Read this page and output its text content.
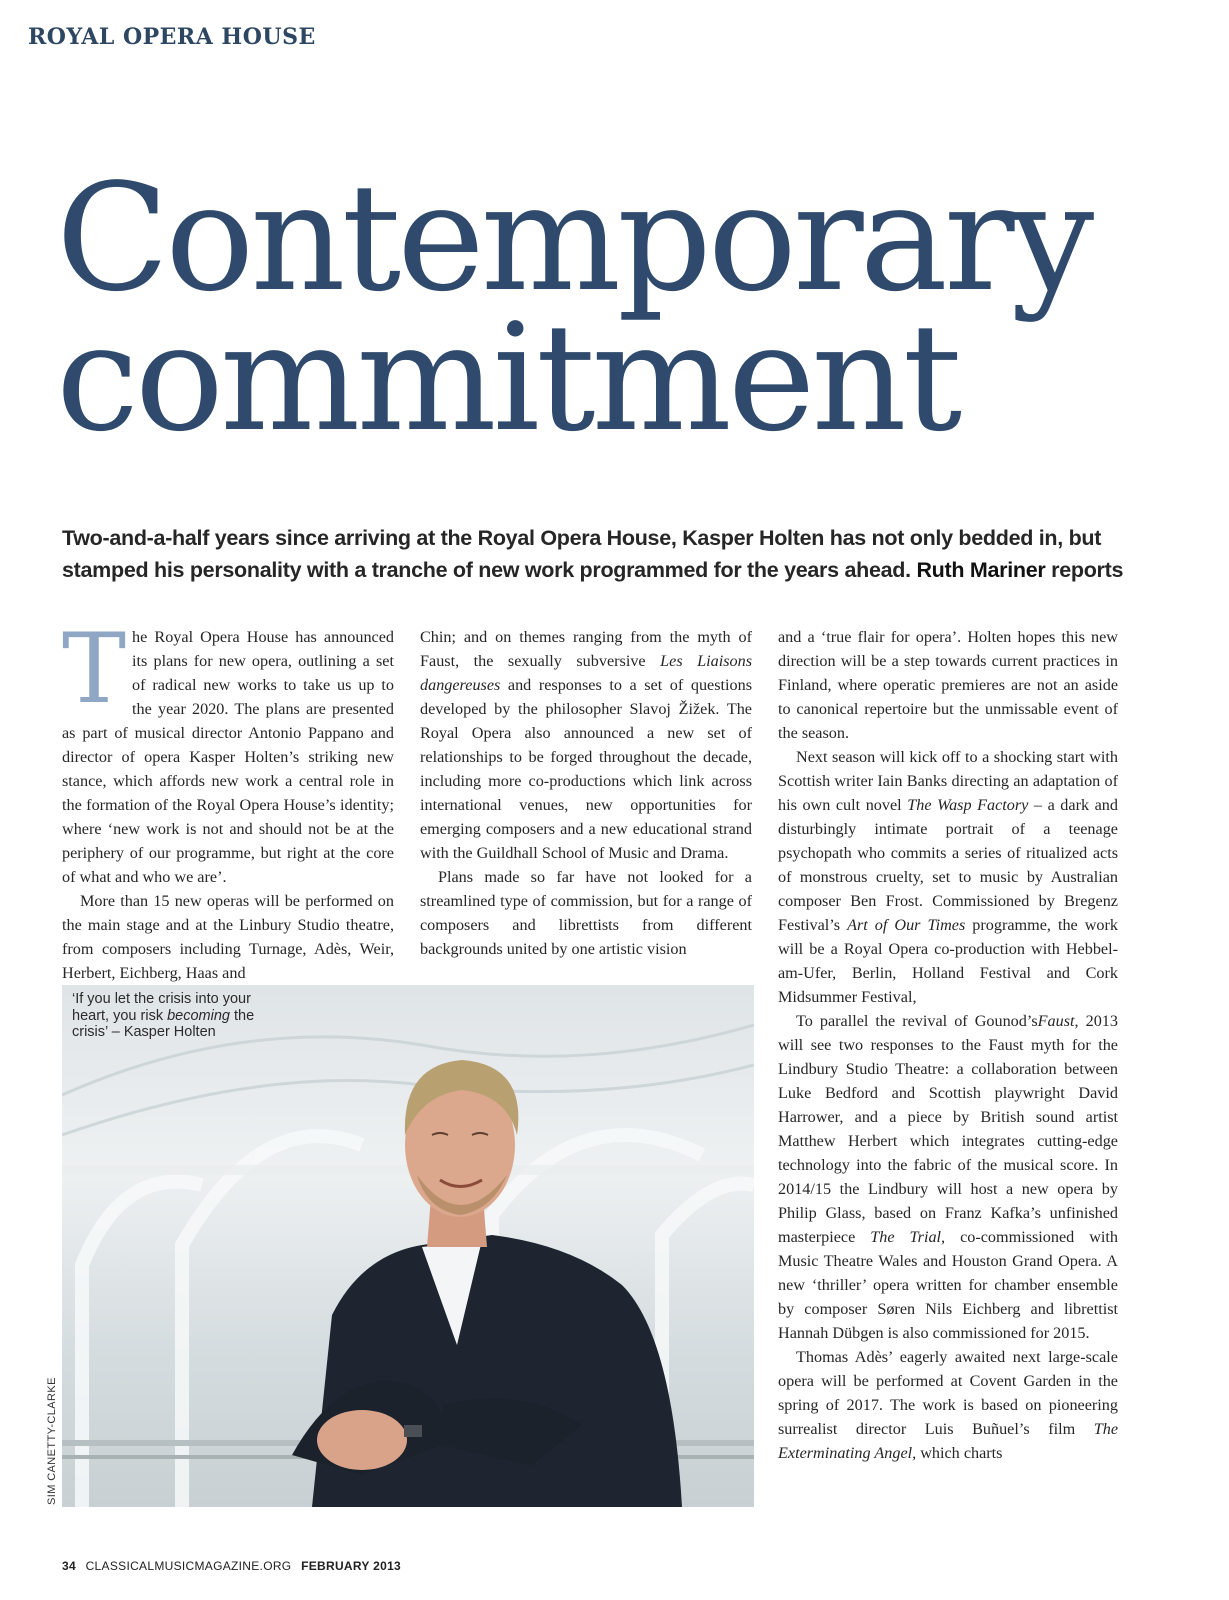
ROYAL OPERA HOUSE
Contemporary
commitment
Two-and-a-half years since arriving at the Royal Opera House, Kasper Holten has not only bedded in, but stamped his personality with a tranche of new work programmed for the years ahead. Ruth Mariner reports

The Royal Opera House has announced its plans for new opera, outlining a set of radical new works to take us up to the year 2020. The plans are presented as part of musical director Antonio Pappano and director of opera Kasper Holten’s striking new stance, which affords new work a central role in the formation of the Royal Opera House’s identity; where ‘new work is not and should not be at the periphery of our programme, but right at the core of what and who we are’.

More than 15 new operas will be performed on the main stage and at the Linbury Studio theatre, from composers including Turnage, Adès, Weir, Herbert, Eichberg, Haas and

Chin; and on themes ranging from the myth of Faust, the sexually subversive Les Liaisons dangereuses and responses to a set of questions developed by the philosopher Slavoj Žižek. The Royal Opera also announced a new set of relationships to be forged throughout the decade, including more co-productions which link across international venues, new opportunities for emerging composers and a new educational strand with the Guildhall School of Music and Drama.

Plans made so far have not looked for a streamlined type of commission, but for a range of composers and librettists from different backgrounds united by one artistic vision

and a ‘true flair for opera’. Holten hopes this new direction will be a step towards current practices in Finland, where operatic premieres are not an aside to canonical repertoire but the unmissable event of the season.

Next season will kick off to a shocking start with Scottish writer Iain Banks directing an adaptation of his own cult novel The Wasp Factory – a dark and disturbingly intimate portrait of a teenage psychopath who commits a series of ritualized acts of monstrous cruelty, set to music by Australian composer Ben Frost. Commissioned by Bregenz Festival’s Art of Our Times programme, the work will be a Royal Opera co-production with Hebbel-am-Ufer, Berlin, Holland Festival and Cork Midsummer Festival,

To parallel the revival of Gounod’sFaust, 2013 will see two responses to the Faust myth for the Lindbury Studio Theatre: a collaboration between Luke Bedford and Scottish playwright David Harrower, and a piece by British sound artist Matthew Herbert which integrates cutting-edge technology into the fabric of the musical score. In 2014/15 the Lindbury will host a new opera by Philip Glass, based on Franz Kafka’s unfinished masterpiece The Trial, co-commissioned with Music Theatre Wales and Houston Grand Opera. A new ‘thriller’ opera written for chamber ensemble by composer Søren Nils Eichberg and librettist Hannah Dübgen is also commissioned for 2015.

Thomas Adès’ eagerly awaited next large-scale opera will be performed at Covent Garden in the spring of 2017. The work is based on pioneering surrealist director Luis Buñuel’s film The Exterminating Angel, which charts

‘If you let the crisis into your heart, you risk becoming the crisis’ – Kasper Holten
SIM CANETTY-CLARKE
34 CLASSICALMUSICMAGAZINE.ORG FEBRUARY 2013
